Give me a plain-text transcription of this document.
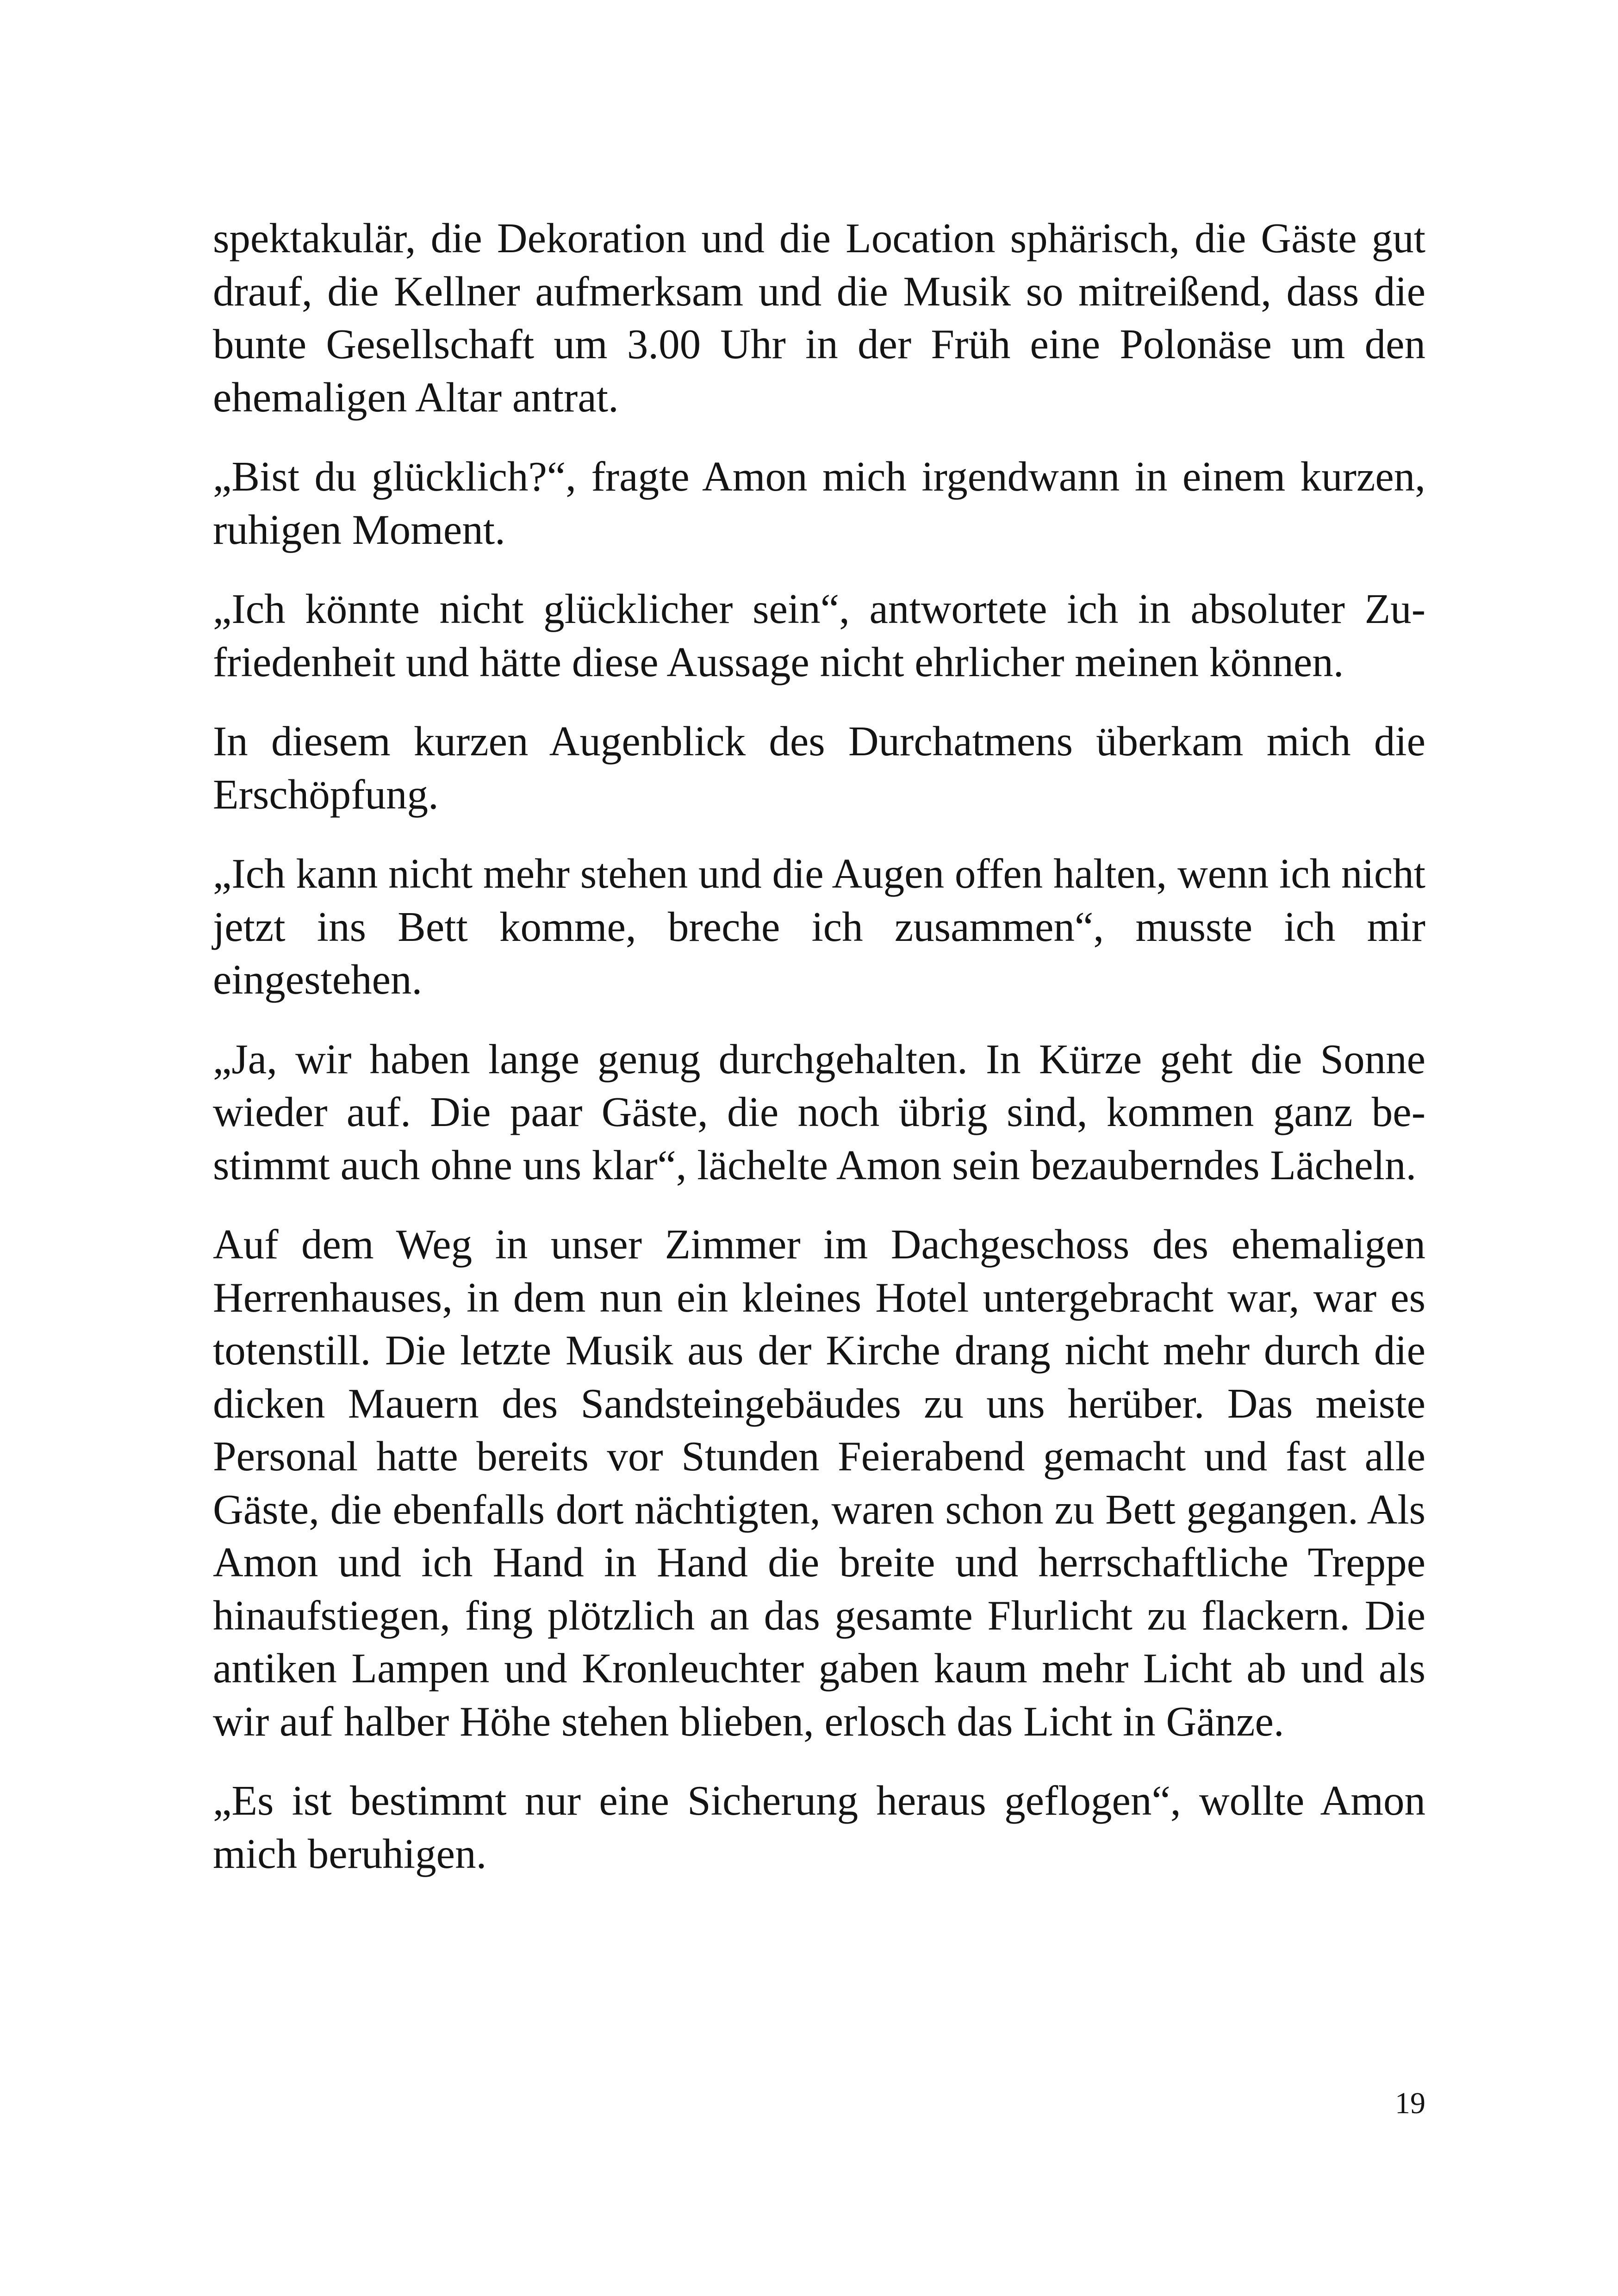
spektakulär, die Dekoration und die Location sphärisch, die Gäste gut drauf, die Kellner aufmerksam und die Musik so mitreißend, dass die bunte Gesellschaft um 3.00 Uhr in der Früh eine Polonäse um den ehemaligen Altar antrat.

„Bist du glücklich?“, fragte Amon mich irgendwann in einem kurzen, ruhigen Moment.

„Ich könnte nicht glücklicher sein“, antwortete ich in absoluter Zufriedenheit und hätte diese Aussage nicht ehrlicher meinen können.

In diesem kurzen Augenblick des Durchatmens überkam mich die Erschöpfung.

„Ich kann nicht mehr stehen und die Augen offen halten, wenn ich nicht jetzt ins Bett komme, breche ich zusammen“, musste ich mir eingestehen.

„Ja, wir haben lange genug durchgehalten. In Kürze geht die Sonne wieder auf. Die paar Gäste, die noch übrig sind, kommen ganz bestimmt auch ohne uns klar“, lächelte Amon sein bezauberndes Lächeln.

Auf dem Weg in unser Zimmer im Dachgeschoss des ehemaligen Herrenhauses, in dem nun ein kleines Hotel untergebracht war, war es totenstill. Die letzte Musik aus der Kirche drang nicht mehr durch die dicken Mauern des Sandsteingebäudes zu uns herüber. Das meiste Personal hatte bereits vor Stunden Feierabend gemacht und fast alle Gäste, die ebenfalls dort nächtigten, waren schon zu Bett gegangen. Als Amon und ich Hand in Hand die breite und herrschaftliche Treppe hinaufstiegen, fing plötzlich an das gesamte Flurlicht zu flackern. Die antiken Lampen und Kronleuchter gaben kaum mehr Licht ab und als wir auf halber Höhe stehen blieben, erlosch das Licht in Gänze.

„Es ist bestimmt nur eine Sicherung heraus geflogen“, wollte Amon mich beruhigen.

19
